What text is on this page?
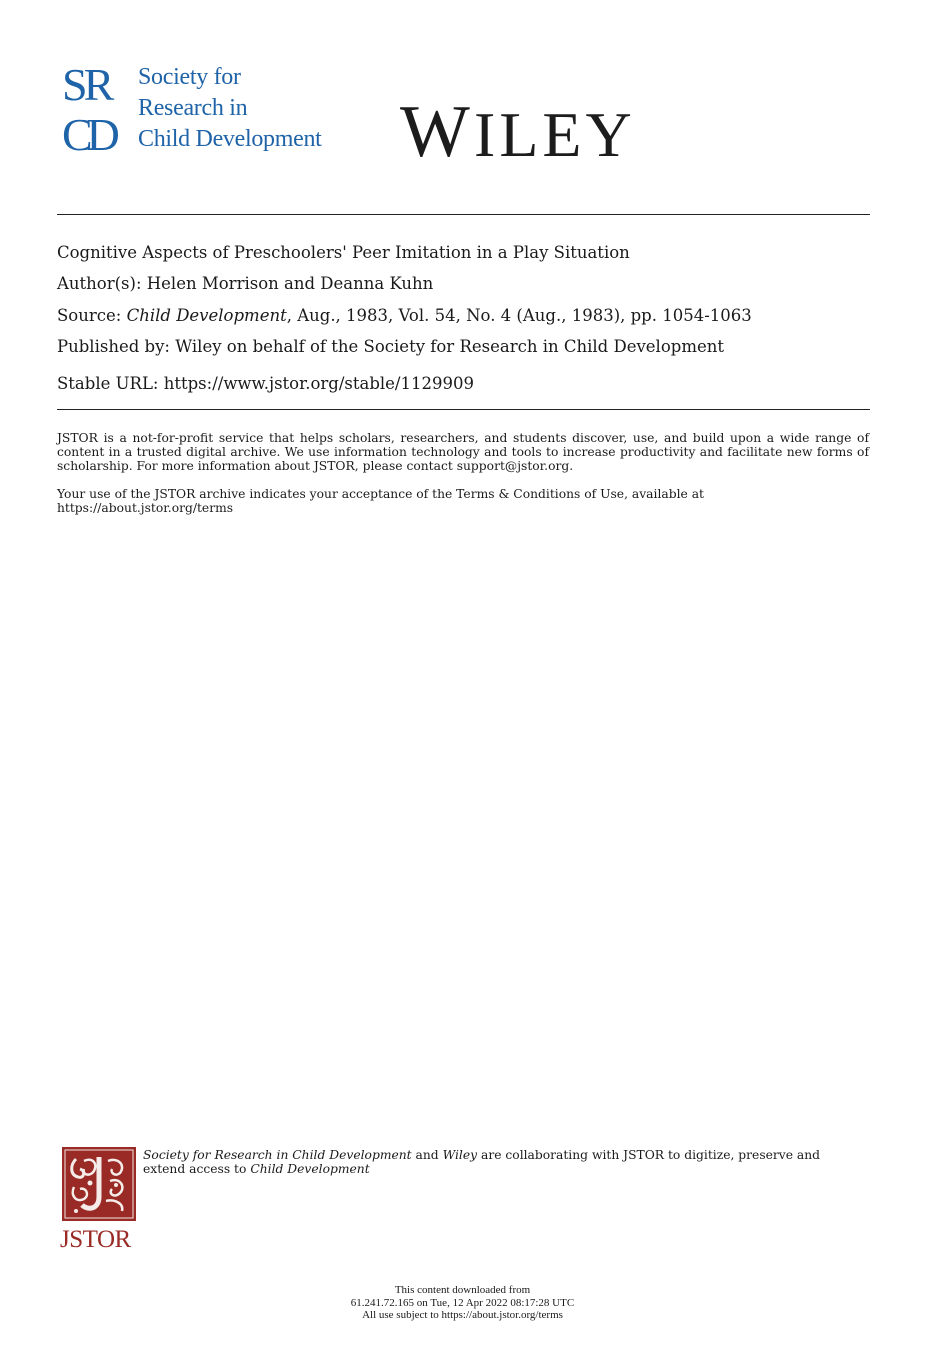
SR
CD
Society for
Research in
Child Development W ILEY
Cognitive Aspects of Preschoolers' Peer Imitation in a Play Situation
Author(s): Helen Morrison and Deanna Kuhn
Source: Child Development, Aug., 1983, Vol. 54, No. 4 (Aug., 1983), pp. 1054-1063
Published by: Wiley on behalf of the Society for Research in Child Development
Stable URL: https://www.jstor.org/stable/1129909
JSTOR is a not-for-profit service that helps scholars, researchers, and students discover, use, and build upon a wide range of content in a trusted digital archive. We use information technology and tools to increase productivity and facilitate new forms of scholarship. For more information about JSTOR, please contact support@jstor.org.
Your use of the JSTOR archive indicates your acceptance of the Terms & Conditions of Use, available at
https://about.jstor.org/terms
JSTOR
Society for Research in Child Development and Wiley are collaborating with JSTOR to digitize, preserve and extend access to Child Development
This content downloaded from
61.241.72.165 on Tue, 12 Apr 2022 08:17:28 UTC
All use subject to https://about.jstor.org/terms
